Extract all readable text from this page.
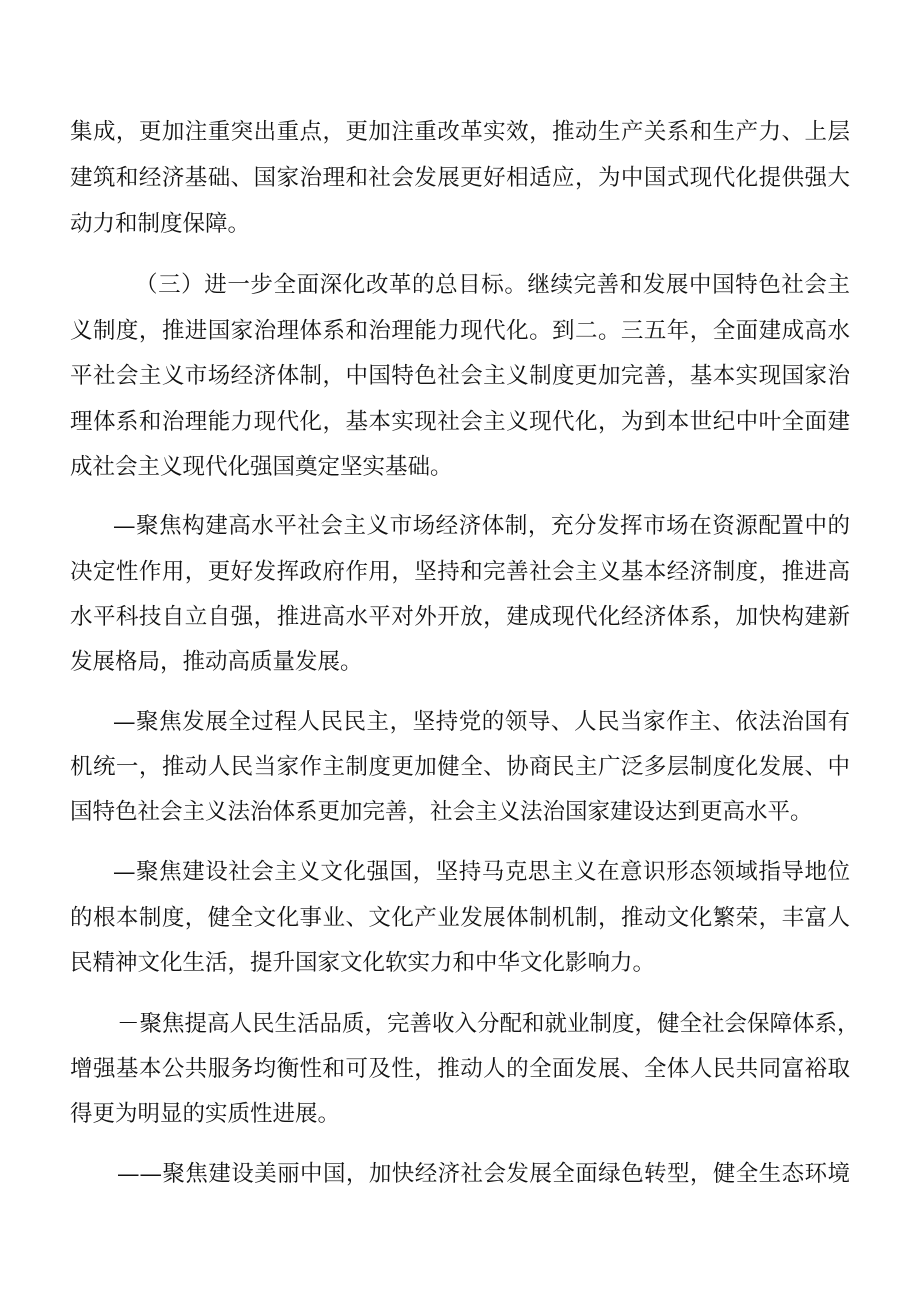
集成，更加注重突出重点，更加注重改革实效，推动生产关系和生产力、上层
建筑和经济基础、国家治理和社会发展更好相适应，为中国式现代化提供强大
动力和制度保障。
（三）进一步全面深化改革的总目标。继续完善和发展中国特色社会主
义制度，推进国家治理体系和治理能力现代化。到二。三五年，全面建成高水
平社会主义市场经济体制，中国特色社会主义制度更加完善，基本实现国家治
理体系和治理能力现代化，基本实现社会主义现代化，为到本世纪中叶全面建
成社会主义现代化强国奠定坚实基础。
—聚焦构建高水平社会主义市场经济体制，充分发挥市场在资源配置中的
决定性作用，更好发挥政府作用，坚持和完善社会主义基本经济制度，推进高
水平科技自立自强，推进高水平对外开放，建成现代化经济体系，加快构建新
发展格局，推动高质量发展。
—聚焦发展全过程人民民主，坚持党的领导、人民当家作主、依法治国有
机统一，推动人民当家作主制度更加健全、协商民主广泛多层制度化发展、中
国特色社会主义法治体系更加完善，社会主义法治国家建设达到更高水平。
—聚焦建设社会主义文化强国，坚持马克思主义在意识形态领域指导地位
的根本制度，健全文化事业、文化产业发展体制机制，推动文化繁荣，丰富人
民精神文化生活，提升国家文化软实力和中华文化影响力。
－聚焦提高人民生活品质，完善收入分配和就业制度，健全社会保障体系，
增强基本公共服务均衡性和可及性，推动人的全面发展、全体人民共同富裕取
得更为明显的实质性进展。
——聚焦建设美丽中国，加快经济社会发展全面绿色转型，健全生态环境
